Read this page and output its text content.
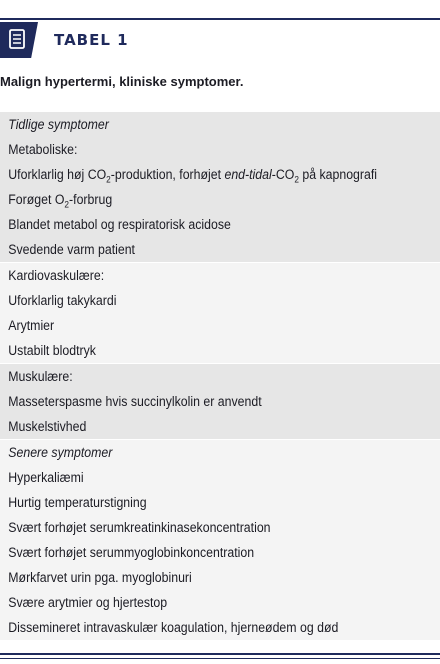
TABEL 1
Malign hypertermi, kliniske symptomer.
Tidlige symptomer
Metaboliske:
Uforklarlig høj $CO_2$-produktion, forhøjet end-$tidal-CO_2$ på kapnografi
Forøget $O_2$-forbrug
Blandet metabol og respiratorisk acidose
Svedende varm patient
Kardiovaskulære:
Uforklarlig takykardi
Arytmier
Ustabilt blodtryk
Muskulære:
Masseterspasme hvis succinylkolin er anvendt
Muskelstivhed
Senere symptomer
Hyperkaliæmi
Hurtig temperaturstigning
Svært forhøjet serumkreatinkinasekoncentration
Svært forhøjet serummyoglobinkoncentration
Mørkfarvet urin pga. myoglobinuri
Svære arytmier og hjertestop
Dissemineret intravaskulær koagulation, hjerneødem og død
